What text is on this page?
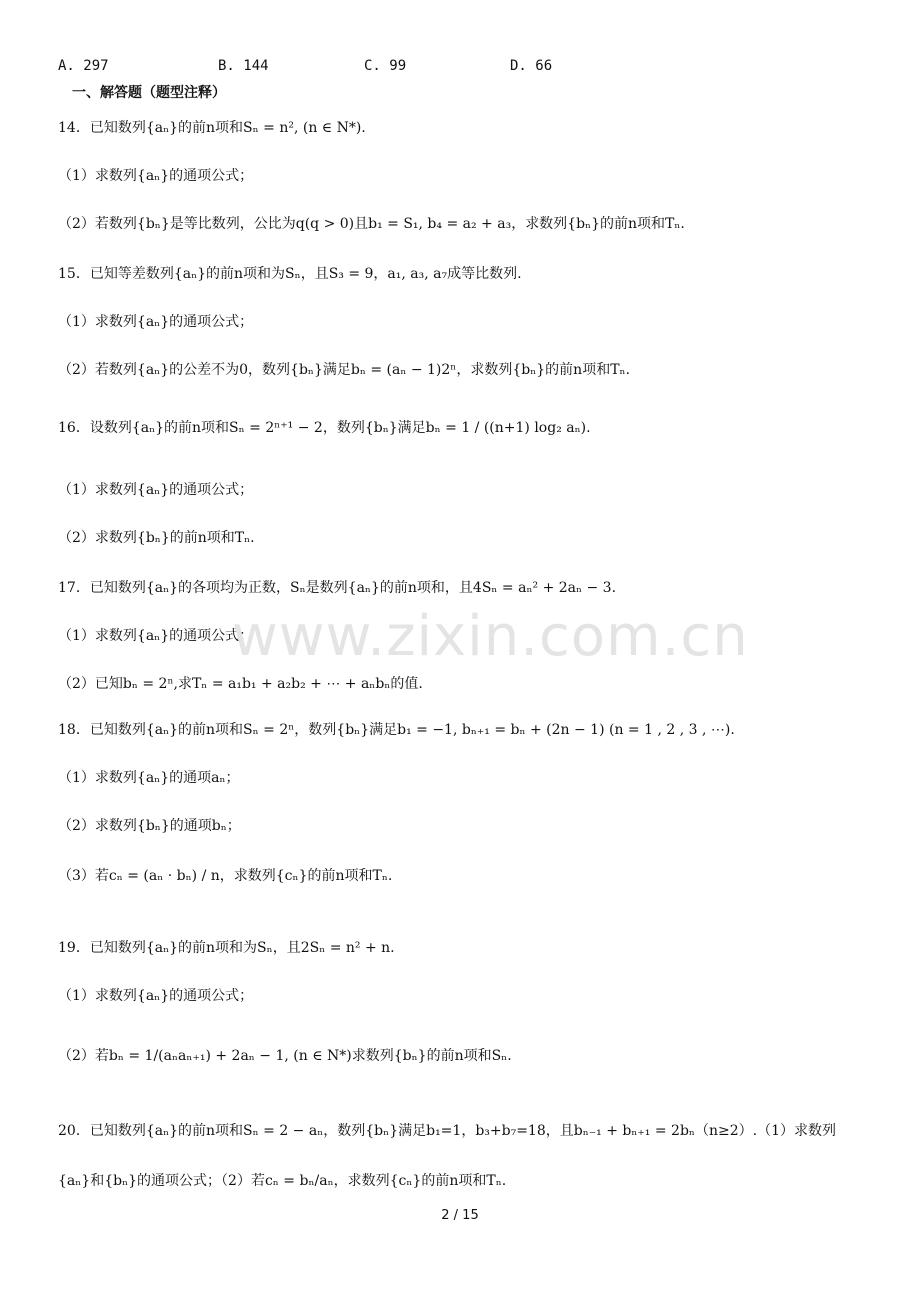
A. 297	B. 144	C. 99	D. 66
一、解答题（题型注释）
14．已知数列{aₙ}的前n项和Sₙ = n², (n ∈ N*).
（1）求数列{aₙ}的通项公式；
（2）若数列{bₙ}是等比数列，公比为q(q > 0)且b₁ = S₁, b₄ = a₂ + a₃，求数列{bₙ}的前n项和Tₙ.
15．已知等差数列{aₙ}的前n项和为Sₙ，且S₃ = 9，a₁, a₃, a₇成等比数列.
（1）求数列{aₙ}的通项公式；
（2）若数列{aₙ}的公差不为0，数列{bₙ}满足bₙ = (aₙ − 1)2ⁿ，求数列{bₙ}的前n项和Tₙ.
16．设数列{aₙ}的前n项和Sₙ = 2ⁿ⁺¹ − 2，数列{bₙ}满足bₙ = 1 / ((n+1) log₂ aₙ).
（1）求数列{aₙ}的通项公式；
（2）求数列{bₙ}的前n项和Tₙ.
17．已知数列{aₙ}的各项均为正数，Sₙ是数列{aₙ}的前n项和，且4Sₙ = aₙ² + 2aₙ − 3.
（1）求数列{aₙ}的通项公式；
（2）已知bₙ = 2ⁿ,求Tₙ = a₁b₁ + a₂b₂ + ⋯ + aₙbₙ的值.
18．已知数列{aₙ}的前n项和Sₙ = 2ⁿ，数列{bₙ}满足b₁ = −1, bₙ₊₁ = bₙ + (2n − 1) (n = 1 , 2 , 3 , ⋯).
（1）求数列{aₙ}的通项aₙ；
（2）求数列{bₙ}的通项bₙ；
（3）若cₙ = (aₙ · bₙ) / n，求数列{cₙ}的前n项和Tₙ.
19．已知数列{aₙ}的前n项和为Sₙ，且2Sₙ = n² + n.
（1）求数列{aₙ}的通项公式；
（2）若bₙ = 1/(aₙaₙ₊₁) + 2aₙ − 1, (n ∈ N*)求数列{bₙ}的前n项和Sₙ.
20．已知数列{aₙ}的前n项和Sₙ = 2 − aₙ，数列{bₙ}满足b₁=1，b₃+b₇=18，且bₙ₋₁ + bₙ₊₁ = 2bₙ（n≥2）.（1）求数列{aₙ}和{bₙ}的通项公式；（2）若cₙ = bₙ/aₙ，求数列{cₙ}的前n项和Tₙ.
www.zixin.com.cn
2 / 15
